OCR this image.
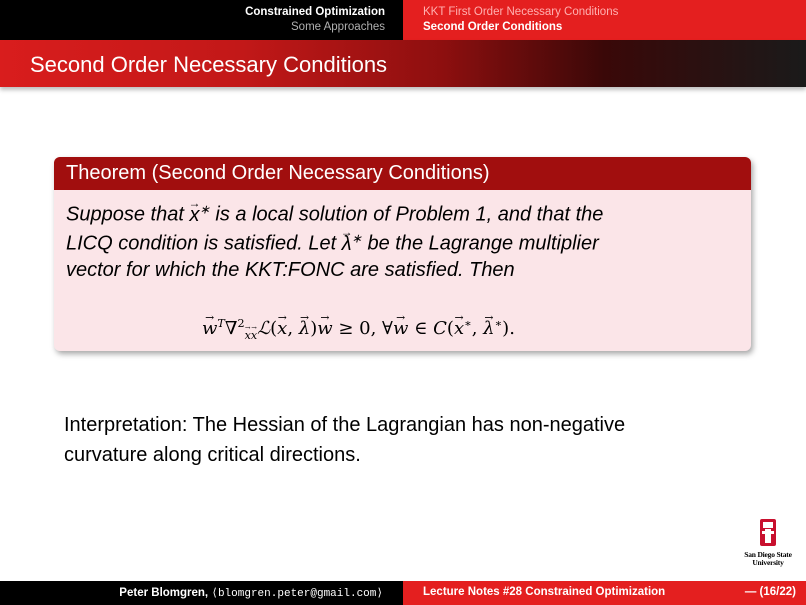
Constrained Optimization
Some Approaches
KKT First Order Necessary Conditions
Second Order Conditions
Second Order Necessary Conditions
Theorem (Second Order Necessary Conditions)
Suppose that x →∗ is a local solution of Problem 1, and that the
LICQ condition is satisfied. Let λ →∗ be the Lagrange multiplier
vector for which the KKT:FONC are satisfied. Then
w →$^T$∇$^2_{x \to x}$ →ℒ(x →, λ →)w → ≥ 0, ∀w → ∈ C(x →∗, λ →∗).
Interpretation: The Hessian of the Lagrangian has non-negative
curvature along critical directions.
San Diego State
University
Peter Blomgren, ⟨blomgren.peter@gmail.com⟩	Lecture Notes #28 Constrained Optimization	— (16/22)
